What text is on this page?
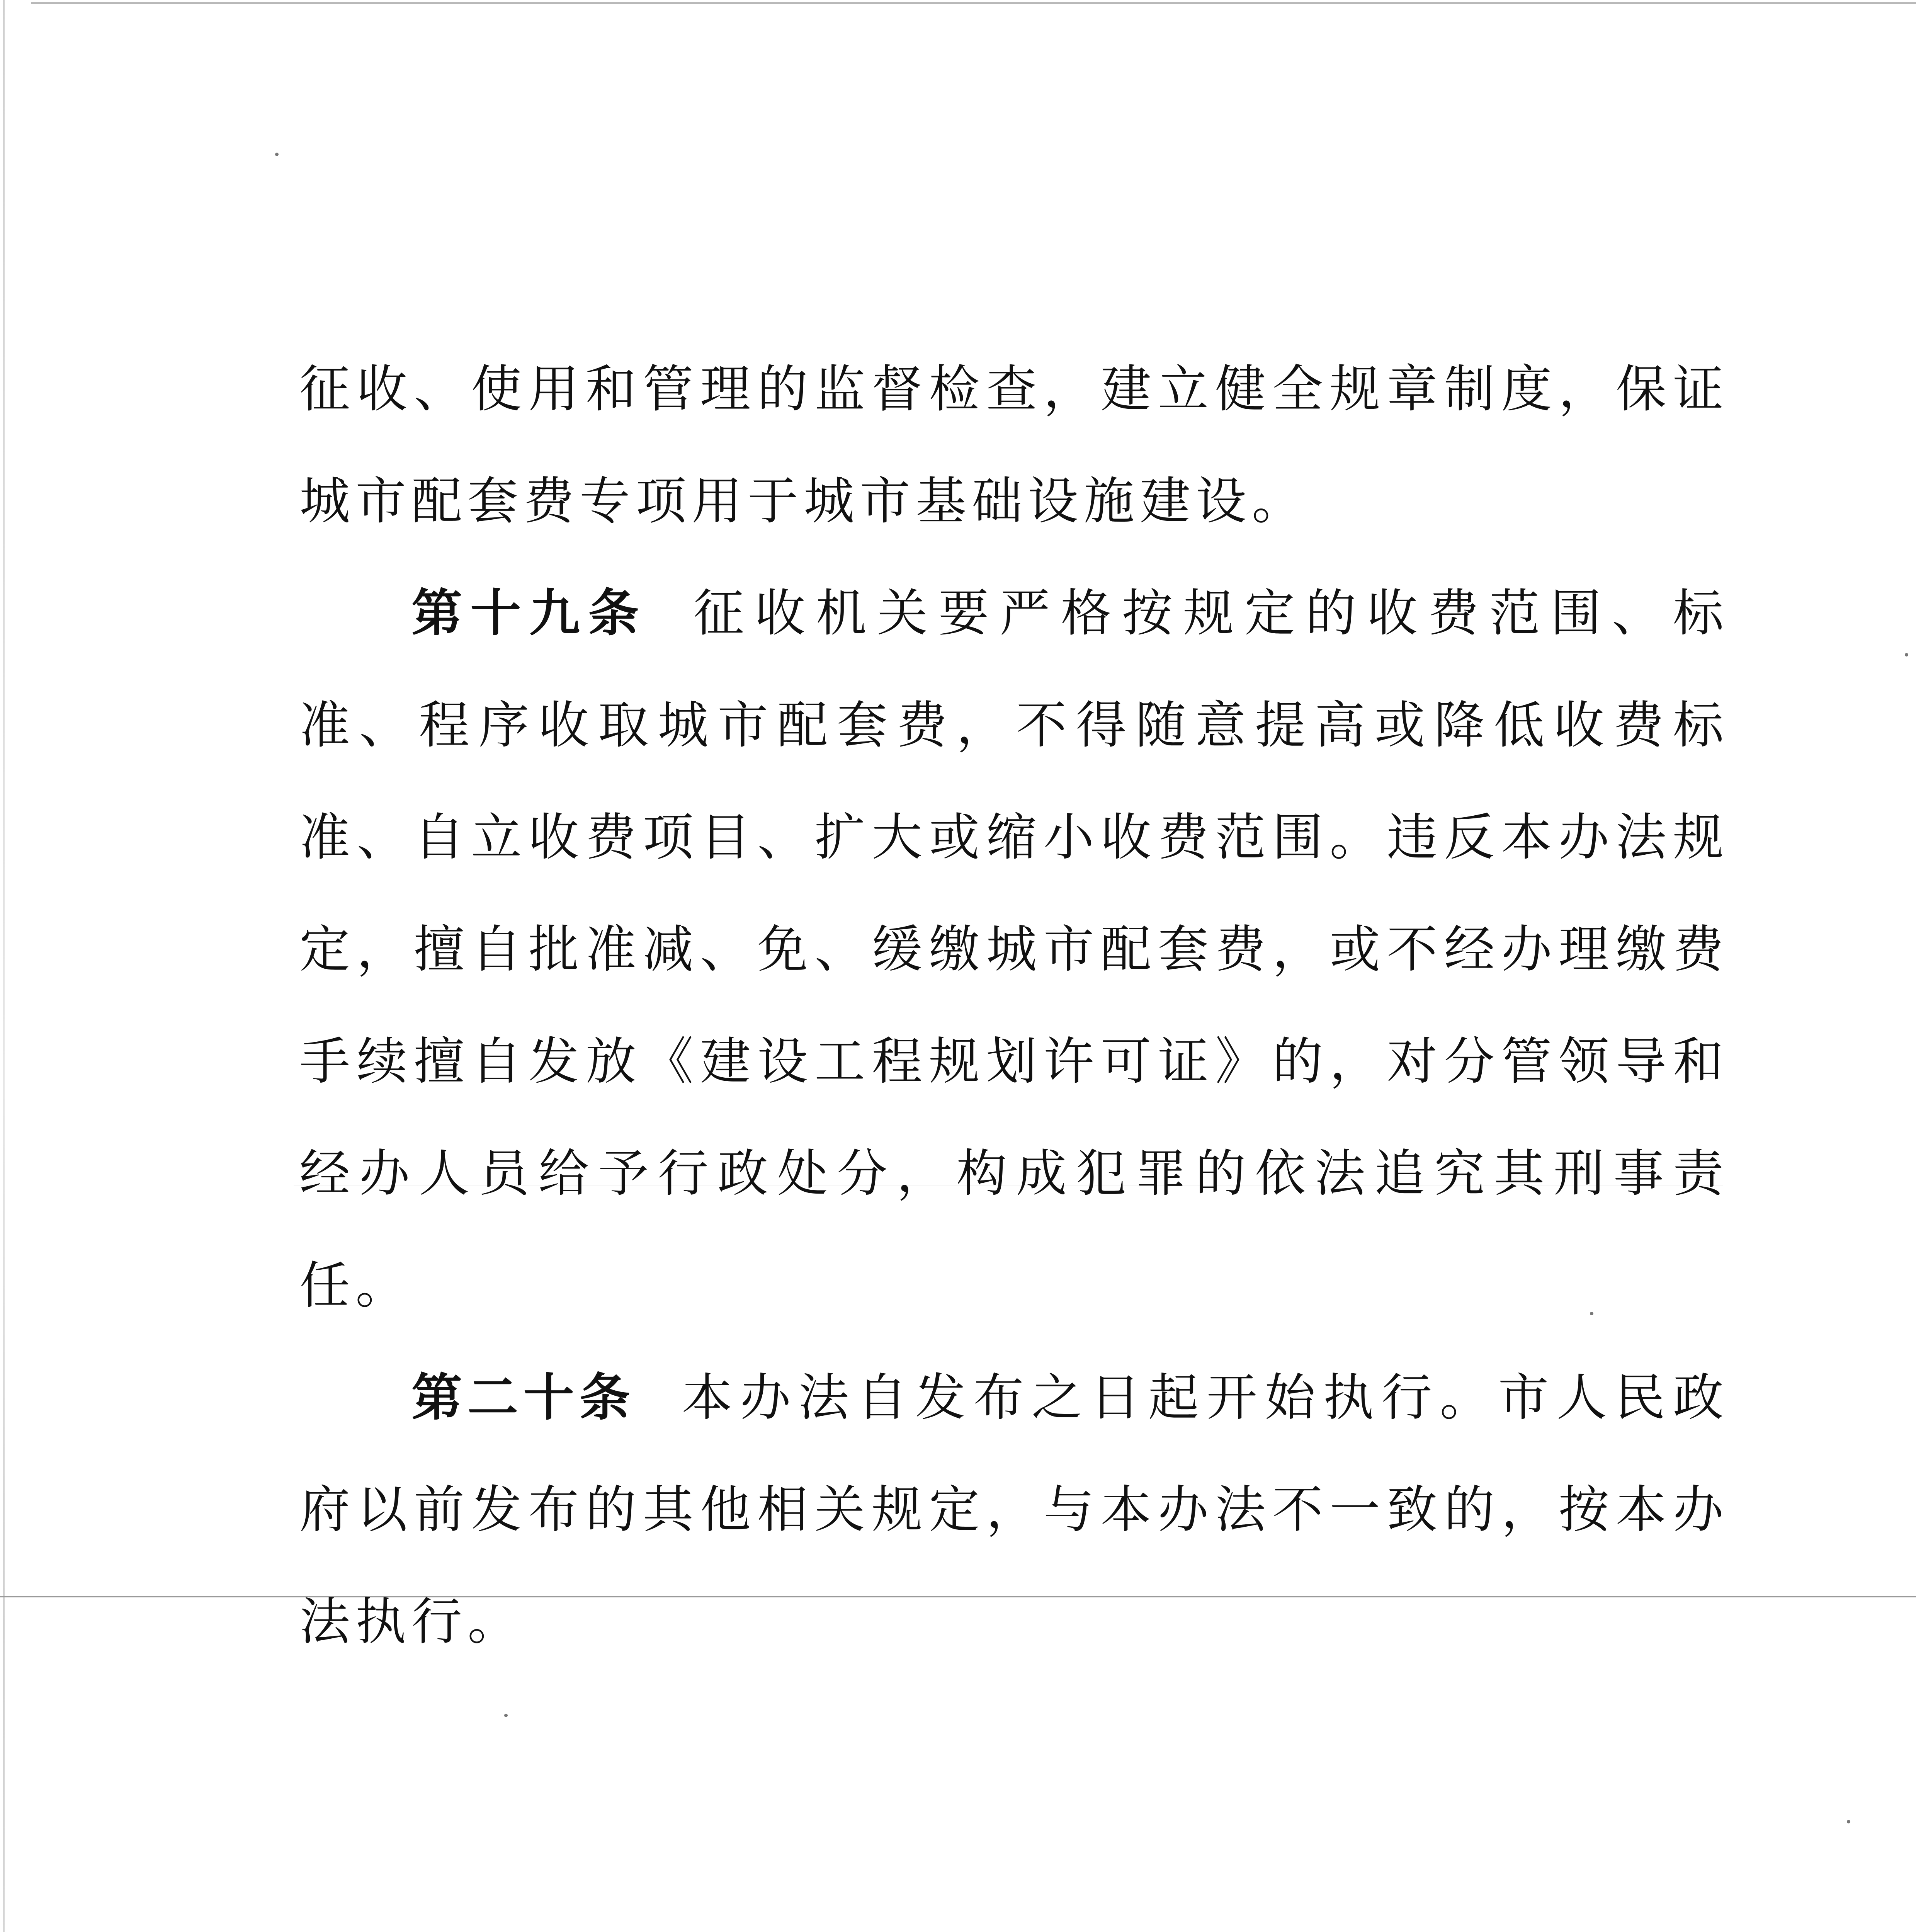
征收、使用和管理的监督检查，建立健全规章制度，保证城市配套费专项用于城市基础设施建设。

第十九条 征收机关要严格按规定的收费范围、标准、程序收取城市配套费，不得随意提高或降低收费标准、自立收费项目、扩大或缩小收费范围。违反本办法规定，擅自批准减、免、缓缴城市配套费，或不经办理缴费手续擅自发放《建设工程规划许可证》的，对分管领导和经办人员给予行政处分，构成犯罪的依法追究其刑事责任。

第二十条 本办法自发布之日起开始执行。市人民政府以前发布的其他相关规定，与本办法不一致的，按本办法执行。
